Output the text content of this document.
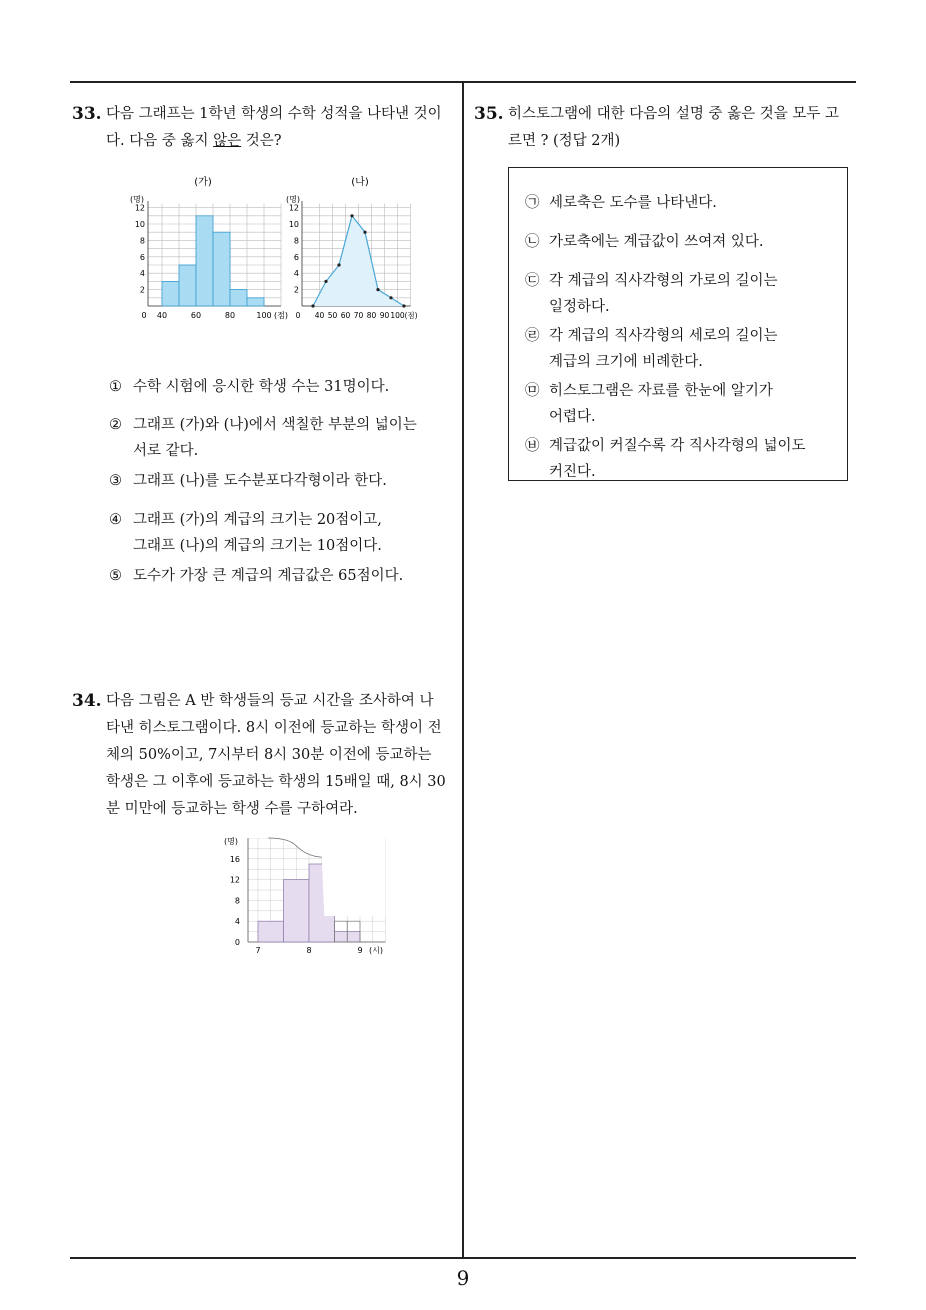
33. 다음 그래프는 1학년 학생의 수학 성적을 나타낸 것이
다. 다음 중 옳지 않은 것은?
(가)
(명)
2
4
6
8
10
12
0 40	60	80	100 (점)
(나)
(명)
2
4
6
8
10
12
0 40 50 60 70 80 90 100 (점)
① 수학 시험에 응시한 학생 수는 31명이다.
② 그래프 (가)와 (나)에서 색칠한 부분의 넓이는
서로 같다.
③ 그래프 (나)를 도수분포다각형이라 한다.
④ 그래프 (가)의 계급의 크기는 20점이고,
그래프 (나)의 계급의 크기는 10점이다.
⑤ 도수가 가장 큰 계급의 계급값은 65점이다.
34. 다음 그림은 A 반 학생들의 등교 시간을 조사하여 나
타낸 히스토그램이다. 8시 이전에 등교하는 학생이 전
체의 50%이고, 7시부터 8시 30분 이전에 등교하는
학생은 그 이후에 등교하는 학생의 15배일 때, 8시 30
분 미만에 등교하는 학생 수를 구하여라.
(명)
0
4
8
12
16
7	8	9 (시)
35. 히스토그램에 대한 다음의 설명 중 옳은 것을 모두 고
르면 ? (정답 2개)
㉠ 세로축은 도수를 나타낸다.
㉡ 가로축에는 계급값이 쓰여져 있다.
㉢ 각 계급의 직사각형의 가로의 길이는
일정하다.
㉣ 각 계급의 직사각형의 세로의 길이는
계급의 크기에 비례한다.
㉤ 히스토그램은 자료를 한눈에 알기가
어렵다.
㉥ 계급값이 커질수록 각 직사각형의 넓이도
커진다.
9
